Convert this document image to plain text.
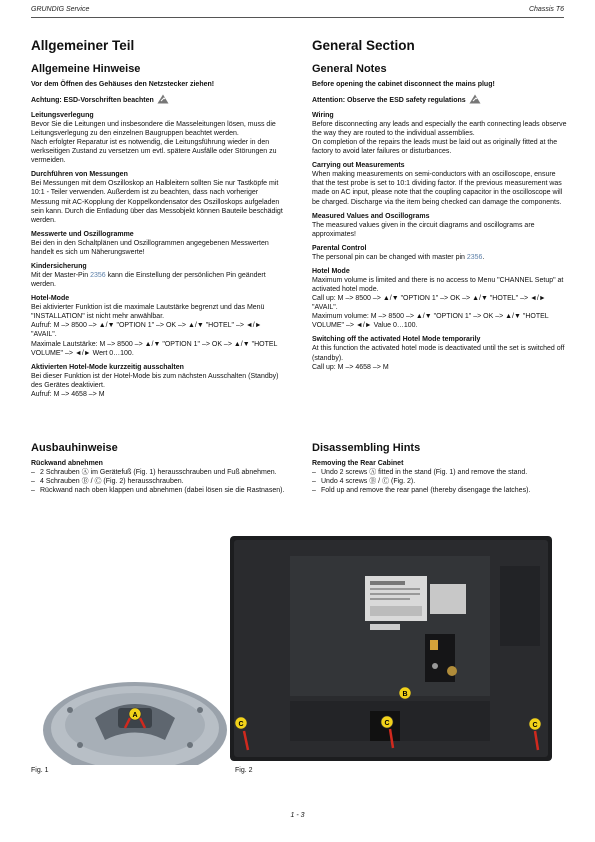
GRUNDIG Service	Chassis T6
Allgemeiner Teil
Allgemeine Hinweise
Vor dem Öffnen des Gehäuses den Netzstecker ziehen!
Achtung: ESD-Vorschriften beachten
Leitungsverlegung

Bevor Sie die Leitungen und insbesondere die Masseleitungen lösen, muss die Leitungsverlegung zu den einzelnen Baugruppen beachtet werden.

Nach erfolgter Reparatur ist es notwendig, die Leitungsführung wieder in den werkseitigen Zustand zu versetzen um evtl. spätere Ausfälle oder Störungen zu vermeiden.

Durchführen von Messungen

Bei Messungen mit dem Oszilloskop an Halbleitern sollten Sie nur Tastköpfe mit 10:1 - Teiler verwenden. Außerdem ist zu beachten, dass nach vorheriger Messung mit AC-Kopplung der Koppelkondensator des Oszilloskops aufgeladen sein kann. Durch die Entladung über das Messobjekt können Bauteile beschädigt werden.

Messwerte und Oszillogramme

Bei den in den Schaltplänen und Oszillogrammen angegebenen Messwerten handelt es sich um Näherungswerte!

Kindersicherung

Mit der Master-Pin 2356 kann die Einstellung der persönlichen Pin geändert werden.

Hotel-Mode

Bei aktivierter Funktion ist die maximale Lautstärke begrenzt und das Menü "INSTALLATION" ist nicht mehr anwählbar.

Aufruf: M –> 8500 –> ▲/▼ "OPTION 1" –> OK –> ▲/▼ "HOTEL" –> ◄/► "AVAIL".

Maximale Lautstärke: M –> 8500 –> ▲/▼ "OPTION 1" –> OK –> ▲/▼ "HOTEL VOLUME" –> ◄/► Wert 0…100.

Aktivierten Hotel-Mode kurzzeitig ausschalten

Bei dieser Funktion ist der Hotel-Mode bis zum nächsten Ausschalten (Standby) des Gerätes deaktiviert.

Aufruf: M –> 4658 –> M

General Section
General Notes
Before opening the cabinet disconnect the mains plug!
Attention: Observe the ESD safety regulations
Wiring

Before disconnecting any leads and especially the earth connecting leads observe the way they are routed to the individual assemblies.

On completion of the repairs the leads must be laid out as originally fitted at the factory to avoid later failures or disturbances.

Carrying out Measurements

When making measurements on semi-conductors with an oscilloscope, ensure that the test probe is set to 10:1 dividing factor. If the previous measurement was made on AC input, please note that the coupling capacitor in the oscilloscope will be charged. Discharge via the item being checked can damage the components.

Measured Values and Oscillograms

The measured values given in the circuit diagrams and oscillograms are approximates!

Parental Control

The personal pin can be changed with master pin 2356.

Hotel Mode

Maximum volume is limited and there is no access to Menu "CHANNEL Setup" at activated hotel mode.

Call up: M –> 8500 –> ▲/▼ "OPTION 1" –> OK –> ▲/▼ "HOTEL" –> ◄/► "AVAIL".

Maximum volume: M –> 8500 –> ▲/▼ "OPTION 1" –> OK –> ▲/▼ "HOTEL VOLUME" –> ◄/► Value 0…100.

Switching off the activated Hotel Mode temporarily

At this function the activated hotel mode is deactivated until the set is switched off (standby).

Call up: M –> 4658 –> M

Ausbauhinweise
Rückwand abnehmen
– 2 Schrauben Ⓐ im Gerätefuß (Fig. 1) herausschrauben und Fuß abnehmen.
– 4 Schrauben Ⓑ / Ⓒ (Fig. 2) herausschrauben.
– Rückwand nach oben klappen und abnehmen (dabei lösen sie die Rastnasen).
Disassembling Hints
Removing the Rear Cabinet
– Undo 2 screws Ⓐ fitted in the stand (Fig. 1) and remove the stand.
– Undo 4 screws Ⓑ / Ⓒ (Fig. 2).
– Fold up and remove the rear panel (thereby disengage the latches).
A
Fig. 1
B
C	C	C
Fig. 2
1 - 3
